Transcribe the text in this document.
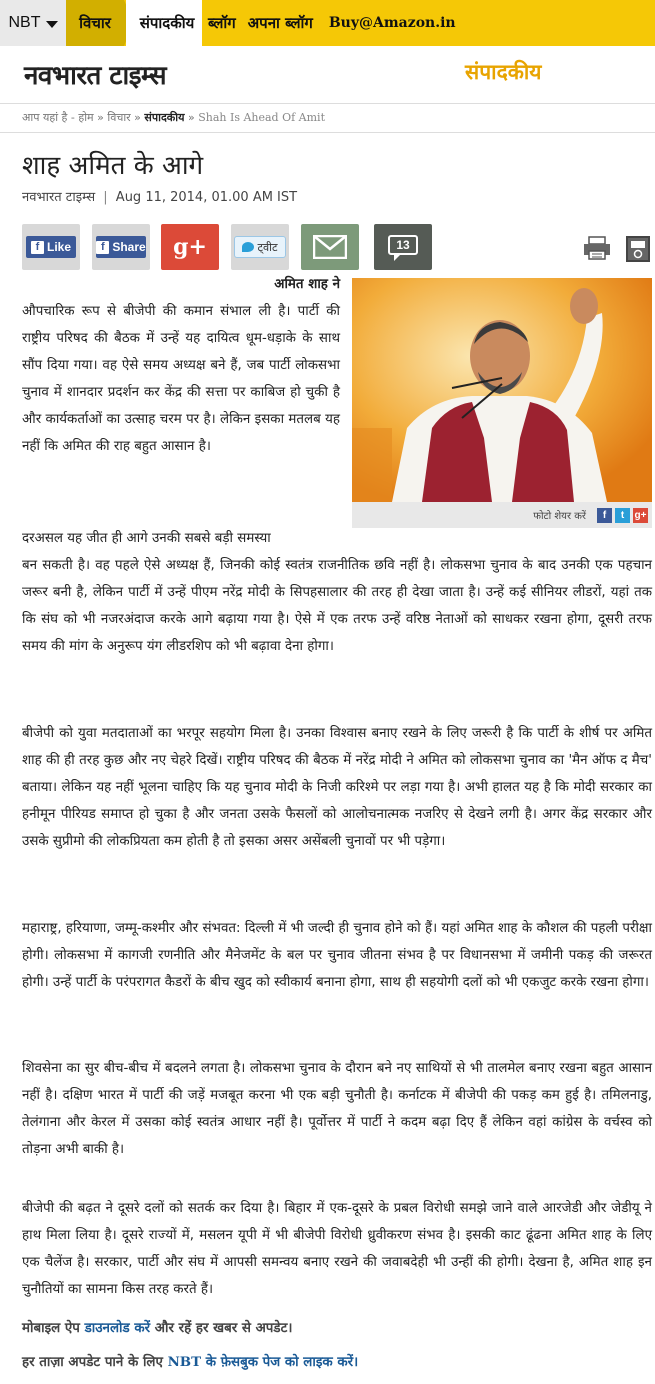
NBT	विचार	संपादकीय ब्लॉग अपना ब्लॉग	Buy@Amazon.in
नवभारत टाइम्स	संपादकीय
आप यहां है - होम » विचार » संपादकीय » Shah Is Ahead Of Amit
शाह अमित के आगे
नवभारत टाइम्स | Aug 11, 2014, 01.00 AM IST
f Like	f Share g+	ट्वीट	13
फोटो शेयर करें	f	t	g+
अमित शाह ने
औपचारिक रूप से बीजेपी की कमान संभाल ली है। पार्टी की राष्ट्रीय परिषद की बैठक में उन्हें यह दायित्व धूम-धड़ाके के साथ सौंप दिया गया। वह ऐसे समय अध्यक्ष बने हैं, जब पार्टी लोकसभा चुनाव में शानदार प्रदर्शन कर केंद्र की सत्ता पर काबिज हो चुकी है और कार्यकर्ताओं का उत्साह चरम पर है। लेकिन इसका मतलब यह नहीं कि अमित की राह बहुत आसान है।
दरअसल यह जीत ही आगे उनकी सबसे बड़ी समस्या
बन सकती है। वह पहले ऐसे अध्यक्ष हैं, जिनकी कोई स्वतंत्र राजनीतिक छवि नहीं है। लोकसभा चुनाव के बाद उनकी एक पहचान जरूर बनी है, लेकिन पार्टी में उन्हें पीएम नरेंद्र मोदी के सिपहसालार की तरह ही देखा जाता है। उन्हें कई सीनियर लीडरों, यहां तक कि संघ को भी नजरअंदाज करके आगे बढ़ाया गया है। ऐसे में एक तरफ उन्हें वरिष्ठ नेताओं को साधकर रखना होगा, दूसरी तरफ समय की मांग के अनुरूप यंग लीडरशिप को भी बढ़ावा देना होगा।
बीजेपी को युवा मतदाताओं का भरपूर सहयोग मिला है। उनका विश्वास बनाए रखने के लिए जरूरी है कि पार्टी के शीर्ष पर अमित शाह की ही तरह कुछ और नए चेहरे दिखें। राष्ट्रीय परिषद की बैठक में नरेंद्र मोदी ने अमित को लोकसभा चुनाव का 'मैन ऑफ द मैच' बताया। लेकिन यह नहीं भूलना चाहिए कि यह चुनाव मोदी के निजी करिश्मे पर लड़ा गया है। अभी हालत यह है कि मोदी सरकार का हनीमून पीरियड समाप्त हो चुका है और जनता उसके फैसलों को आलोचनात्मक नजरिए से देखने लगी है। अगर केंद्र सरकार और उसके सुप्रीमो की लोकप्रियता कम होती है तो इसका असर असेंबली चुनावों पर भी पड़ेगा।
महाराष्ट्र, हरियाणा, जम्मू-कश्मीर और संभवत: दिल्ली में भी जल्दी ही चुनाव होने को हैं। यहां अमित शाह के कौशल की पहली परीक्षा होगी। लोकसभा में कागजी रणनीति और मैनेजमेंट के बल पर चुनाव जीतना संभव है पर विधानसभा में जमीनी पकड़ की जरूरत होगी। उन्हें पार्टी के परंपरागत कैडरों के बीच खुद को स्वीकार्य बनाना होगा, साथ ही सहयोगी दलों को भी एकजुट करके रखना होगा।
शिवसेना का सुर बीच-बीच में बदलने लगता है। लोकसभा चुनाव के दौरान बने नए साथियों से भी तालमेल बनाए रखना बहुत आसान नहीं है। दक्षिण भारत में पार्टी की जड़ें मजबूत करना भी एक बड़ी चुनौती है। कर्नाटक में बीजेपी की पकड़ कम हुई है। तमिलनाडु, तेलंगाना और केरल में उसका कोई स्वतंत्र आधार नहीं है। पूर्वोत्तर में पार्टी ने कदम बढ़ा दिए हैं लेकिन वहां कांग्रेस के वर्चस्व को तोड़ना अभी बाकी है।
बीजेपी की बढ़त ने दूसरे दलों को सतर्क कर दिया है। बिहार में एक-दूसरे के प्रबल विरोधी समझे जाने वाले आरजेडी और जेडीयू ने हाथ मिला लिया है। दूसरे राज्यों में, मसलन यूपी में भी बीजेपी विरोधी ध्रुवीकरण संभव है। इसकी काट ढूंढना अमित शाह के लिए एक चैलेंज है। सरकार, पार्टी और संघ में आपसी समन्वय बनाए रखने की जवाबदेही भी उन्हीं की होगी। देखना है, अमित शाह इन चुनौतियों का सामना किस तरह करते हैं।
मोबाइल ऐप डाउनलोड करें और रहें हर खबर से अपडेट।
हर ताज़ा अपडेट पाने के लिए NBT के फ़ेसबुक पेज को लाइक करें।
